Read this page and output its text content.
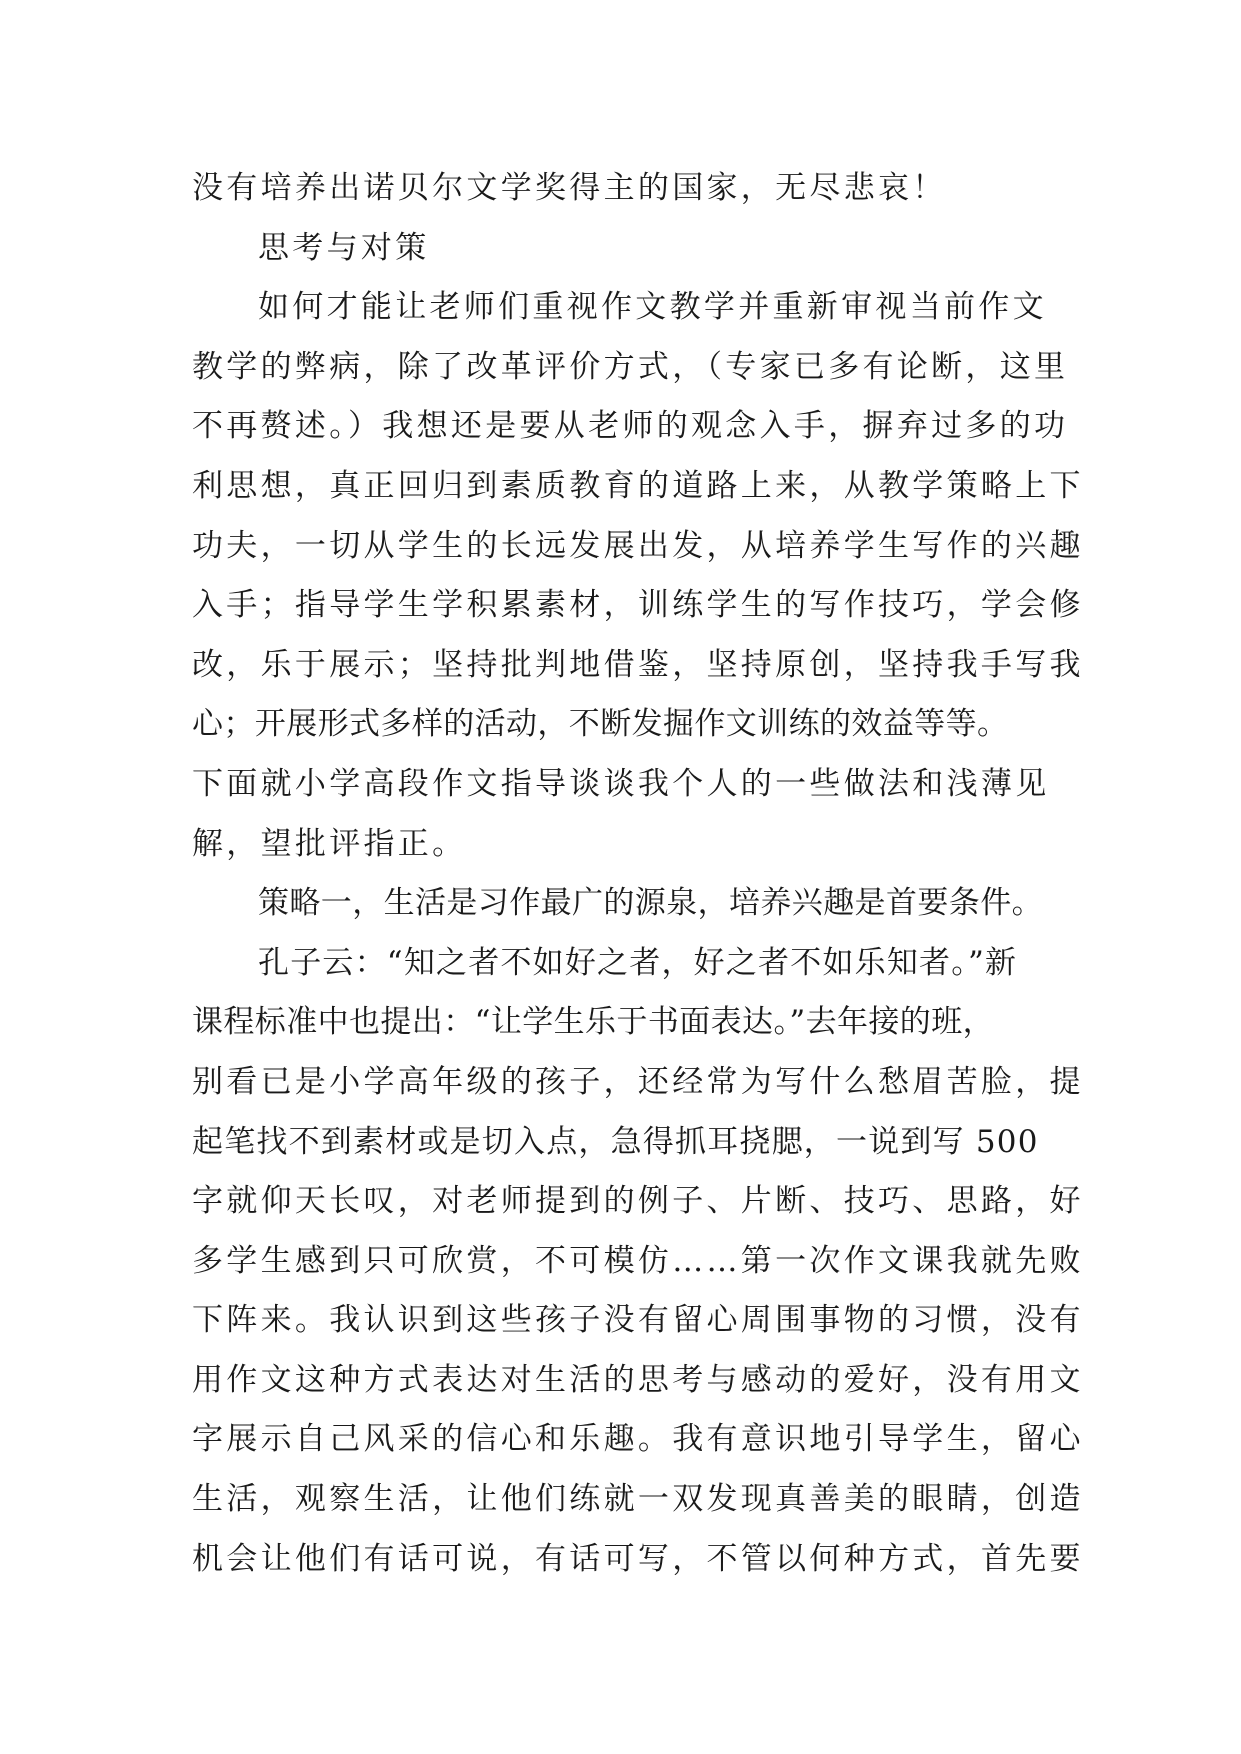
没有培养出诺贝尔文学奖得主的国家，无尽悲哀！
思考与对策
如何才能让老师们重视作文教学并重新审视当前作文
教学的弊病，除了改革评价方式，（专家已多有论断，这里
不再赘述。）我想还是要从老师的观念入手，摒弃过多的功
利思想，真正回归到素质教育的道路上来，从教学策略上下
功夫，一切从学生的长远发展出发，从培养学生写作的兴趣
入手；指导学生学积累素材，训练学生的写作技巧，学会修
改，乐于展示；坚持批判地借鉴，坚持原创，坚持我手写我
心；开展形式多样的活动，不断发掘作文训练的效益等等。
下面就小学高段作文指导谈谈我个人的一些做法和浅薄见
解，望批评指正。
策略一，生活是习作最广的源泉，培养兴趣是首要条件。
孔子云：“知之者不如好之者，好之者不如乐知者。”新
课程标准中也提出：“让学生乐于书面表达。”去年接的班，
别看已是小学高年级的孩子，还经常为写什么愁眉苦脸，提
起笔找不到素材或是切入点，急得抓耳挠腮，一说到写 500
字就仰天长叹，对老师提到的例子、片断、技巧、思路，好
多学生感到只可欣赏，不可模仿……第一次作文课我就先败
下阵来。我认识到这些孩子没有留心周围事物的习惯，没有
用作文这种方式表达对生活的思考与感动的爱好，没有用文
字展示自己风采的信心和乐趣。我有意识地引导学生，留心
生活，观察生活，让他们练就一双发现真善美的眼睛，创造
机会让他们有话可说，有话可写，不管以何种方式，首先要
